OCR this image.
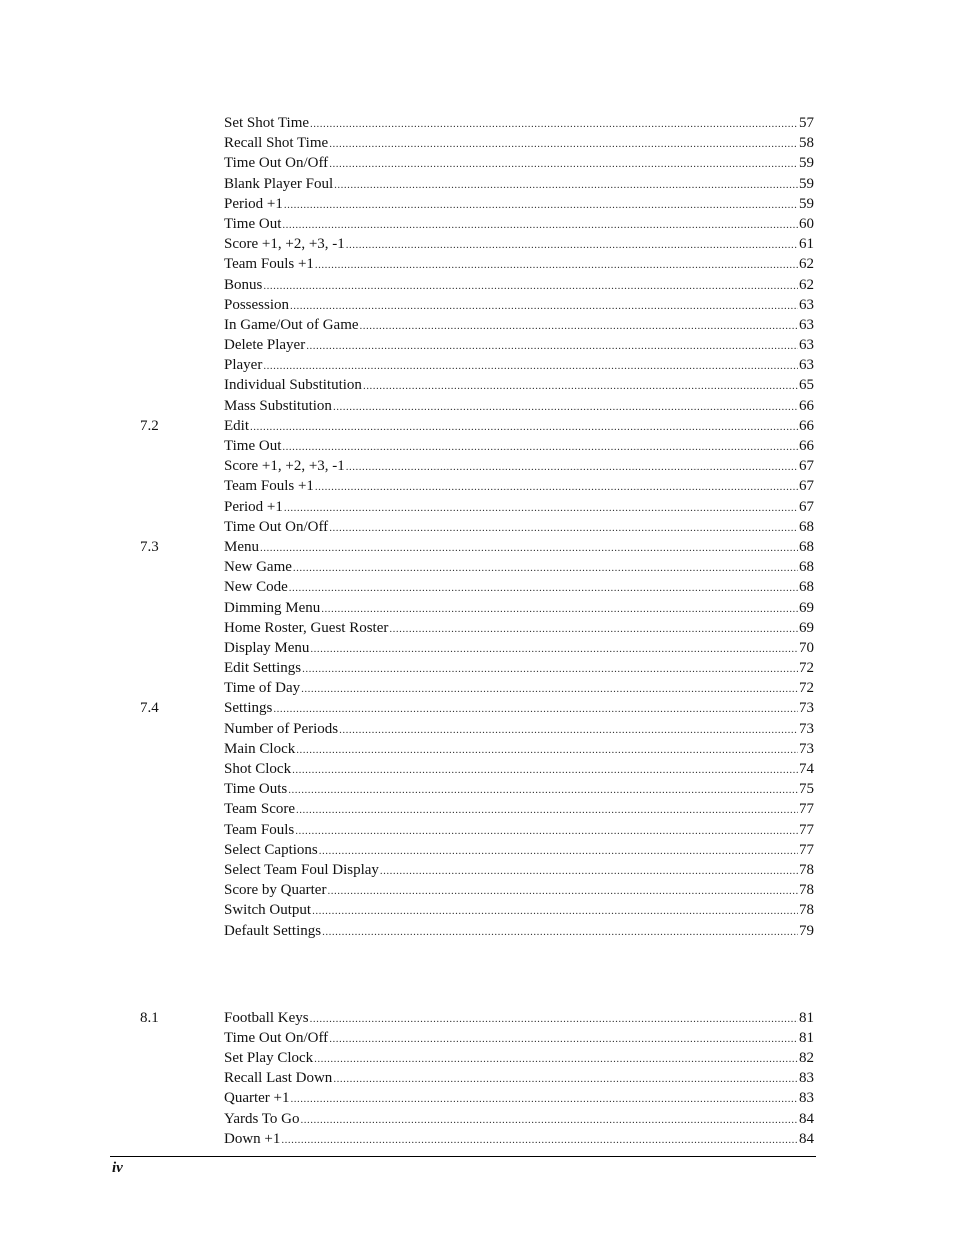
Set Shot Time .....	57
Recall Shot Time .....	58
Time Out On/Off .....	59
Blank Player Foul .....	59
Period +1 .....	59
Time Out .....	60
Score +1, +2, +3, -1 .....	61
Team Fouls +1 .....	62
Bonus .....	62
Possession .....	63
In Game/Out of Game .....	63
Delete Player .....	63
Player .....	63
Individual Substitution .....	65
Mass Substitution .....	66
7.2	Edit .....	66
Time Out .....	66
Score +1, +2, +3, -1 .....	67
Team Fouls +1 .....	67
Period +1 .....	67
Time Out On/Off .....	68
7.3	Menu .....	68
New Game .....	68
New Code .....	68
Dimming Menu .....	69
Home Roster, Guest Roster .....	69
Display Menu .....	70
Edit Settings .....	72
Time of Day .....	72
7.4	Settings .....	73
Number of Periods .....	73
Main Clock .....	73
Shot Clock .....	74
Time Outs .....	75
Team Score .....	77
Team Fouls .....	77
Select Captions .....	77
Select Team Foul Display .....	78
Score by Quarter .....	78
Switch Output .....	78
Default Settings .....	79
8.1	Football Keys .....	81
Time Out On/Off .....	81
Set Play Clock .....	82
Recall Last Down .....	83
Quarter +1 .....	83
Yards To Go .....	84
Down +1 .....	84
iv
